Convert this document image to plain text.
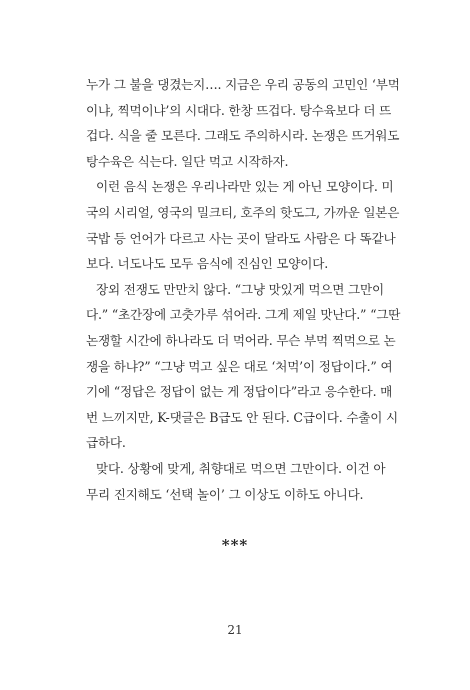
누가 그 불을 댕겼는지…. 지금은 우리 공동의 고민인 ‘부먹
이냐, 찍먹이냐’의 시대다. 한창 뜨겁다. 탕수육보다 더 뜨
겁다. 식을 줄 모른다. 그래도 주의하시라. 논쟁은 뜨거워도
탕수육은 식는다. 일단 먹고 시작하자.
이런 음식 논쟁은 우리나라만 있는 게 아닌 모양이다. 미
국의 시리얼, 영국의 밀크티, 호주의 핫도그, 가까운 일본은
국밥 등 언어가 다르고 사는 곳이 달라도 사람은 다 똑같나
보다. 너도나도 모두 음식에 진심인 모양이다.
장외 전쟁도 만만치 않다. “그냥 맛있게 먹으면 그만이
다.” “초간장에 고춧가루 섞어라. 그게 제일 맛난다.” “그딴
논쟁할 시간에 하나라도 더 먹어라. 무슨 부먹 찍먹으로 논
쟁을 하냐?” “그냥 먹고 싶은 대로 ‘처먹’이 정답이다.” 여
기에 “정답은 정답이 없는 게 정답이다”라고 응수한다. 매
번 느끼지만, K-댓글은 B급도 안 된다. C급이다. 수출이 시
급하다.
맞다. 상황에 맞게, 취향대로 먹으면 그만이다. 이건 아
무리 진지해도 ‘선택 놀이’ 그 이상도 이하도 아니다.
***
21
